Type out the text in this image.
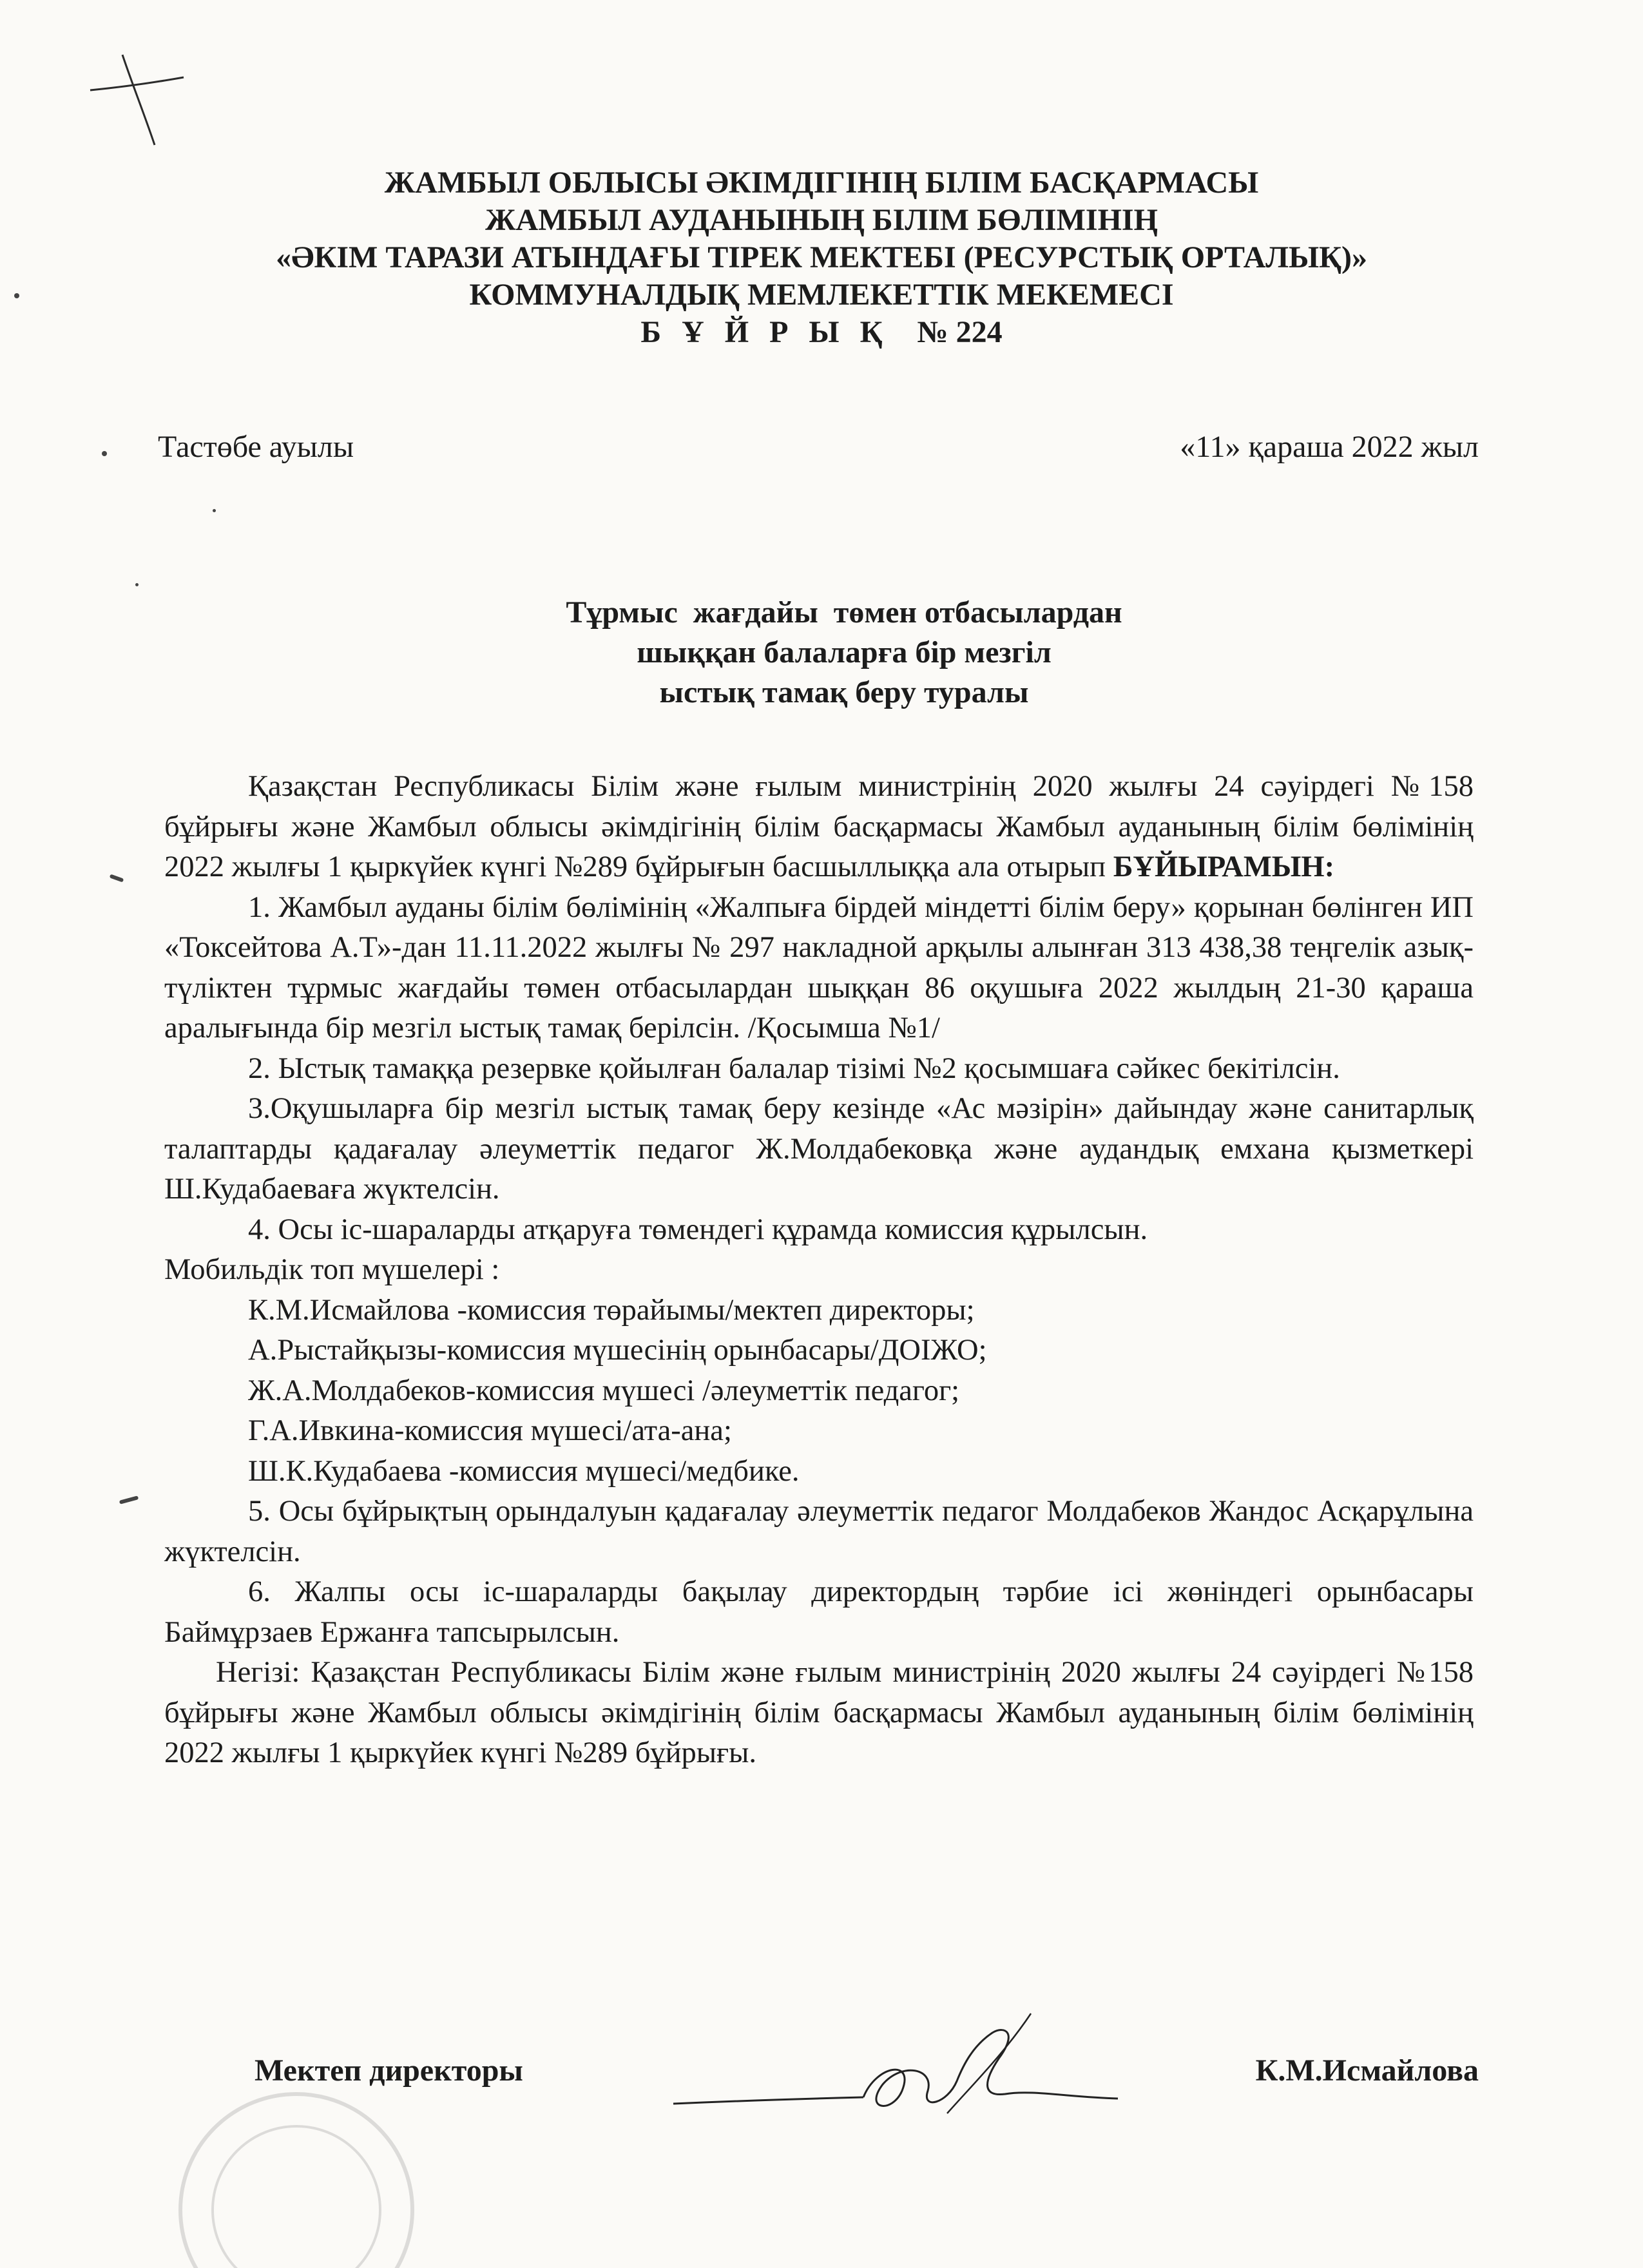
ЖАМБЫЛ ОБЛЫСЫ ӘКІМДІГІНІҢ БІЛІМ БАСҚАРМАСЫ
ЖАМБЫЛ АУДАНЫНЫҢ БІЛІМ БӨЛІМІНІҢ
«ӘКІМ ТАРАЗИ АТЫНДАҒЫ ТІРЕК МЕКТЕБІ (РЕСУРСТЫҚ ОРТАЛЫҚ)»
КОММУНАЛДЫҚ МЕМЛЕКЕТТІК МЕКЕМЕСІ
Б Ұ Й Р Ы Қ № 224
Тастөбе ауылы	«11» қараша 2022 жыл
Тұрмыс  жағдайы  төмен отбасылардан
шыққан балаларға бір мезгіл
ыстық тамақ беру туралы

Қазақстан Республикасы Білім және ғылым министрінің 2020 жылғы 24 сәуірдегі №158 бұйрығы және Жамбыл облысы әкімдігінің білім басқармасы Жамбыл ауданының білім бөлімінің 2022 жылғы 1 қыркүйек күнгі №289 бұйрығын басшыллыққа ала отырып БҰЙЫРАМЫН:

1. Жамбыл ауданы білім бөлімінің «Жалпыға бірдей міндетті білім беру» қорынан бөлінген ИП «Токсейтова А.Т»-дан 11.11.2022 жылғы № 297 накладной арқылы алынған 313 438,38 теңгелік азық-түліктен тұрмыс жағдайы төмен отбасылардан шыққан 86 оқушыға 2022 жылдың 21-30 қараша аралығында бір мезгіл ыстық тамақ берілсін. /Қосымша №1/

2. Ыстық тамаққа резервке қойылған балалар тізімі №2 қосымшаға сәйкес бекітілсін.

3.Оқушыларға бір мезгіл ыстық тамақ беру кезінде «Ас мәзірін» дайындау және санитарлық талаптарды қадағалау әлеуметтік педагог Ж.Молдабековқа және аудандық емхана қызметкері Ш.Кудабаеваға жүктелсін.

4. Осы іс-шараларды атқаруға төмендегі құрамда комиссия құрылсын.

Мобильдік топ мүшелері :

К.М.Исмайлова -комиссия төрайымы/мектеп директоры;

А.Рыстайқызы-комиссия мүшесінің орынбасары/ДОІЖО;

Ж.А.Молдабеков-комиссия мүшесі /әлеуметтік педагог;

Г.А.Ивкина-комиссия мүшесі/ата-ана;

Ш.К.Кудабаева -комиссия мүшесі/медбике.

5. Осы бұйрықтың орындалуын қадағалау әлеуметтік педагог Молдабеков Жандос Асқарұлына жүктелсін.

6. Жалпы осы іс-шараларды бақылау директордың тәрбие ісі жөніндегі орынбасары Баймұрзаев Ержанға тапсырылсын.

Негізі: Қазақстан Республикасы Білім және ғылым министрінің 2020 жылғы 24 сәуірдегі №158 бұйрығы және Жамбыл облысы әкімдігінің білім басқармасы Жамбыл ауданының білім бөлімінің 2022 жылғы 1 қыркүйек күнгі №289 бұйрығы.

Мектеп директоры	К.М.Исмайлова
